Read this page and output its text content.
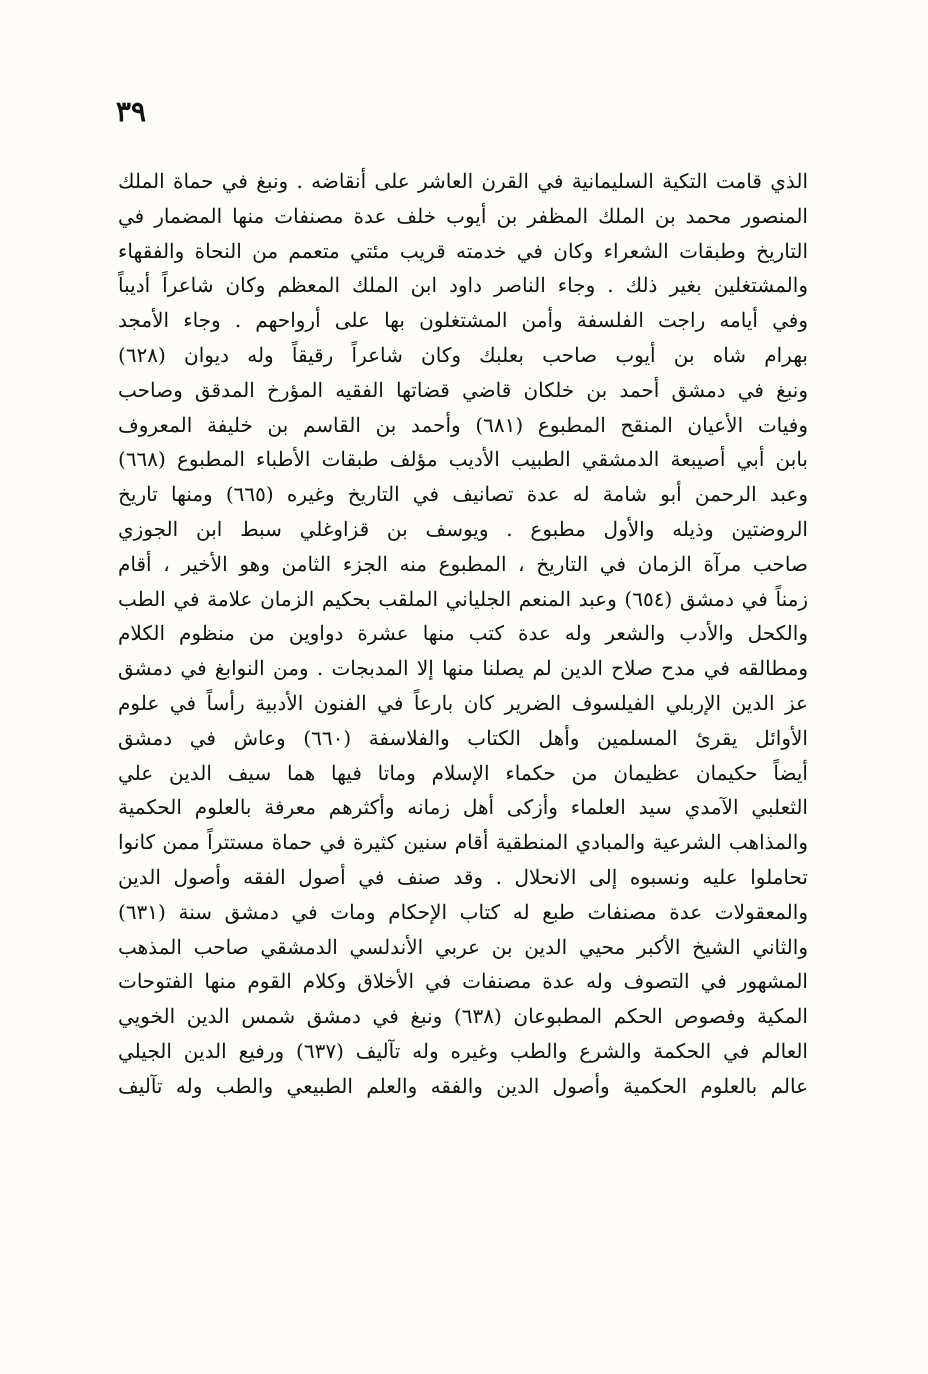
٣٩
الذي قامت التكية السليمانية في القرن العاشر على أنقاضه . ونبغ في حماة الملك
المنصور محمد بن الملك المظفر بن أيوب خلف عدة مصنفات منها المضمار في
التاريخ وطبقات الشعراء وكان في خدمته قريب مئتي متعمم من النحاة والفقهاء
والمشتغلين بغير ذلك . وجاء الناصر داود ابن الملك المعظم وكان شاعراً أديباً
وفي أيامه راجت الفلسفة وأمن المشتغلون بها على أرواحهم . وجاء الأمجد
بهرام شاه بن أيوب صاحب بعلبك وكان شاعراً رقيقاً وله ديوان (٦٢٨)
ونبغ في دمشق أحمد بن خلكان قاضي قضاتها الفقيه المؤرخ المدقق وصاحب
وفيات الأعيان المنقح المطبوع (٦٨١) وأحمد بن القاسم بن خليفة المعروف
بابن أبي أصيبعة الدمشقي الطبيب الأديب مؤلف طبقات الأطباء المطبوع (٦٦٨)
وعبد الرحمن أبو شامة له عدة تصانيف في التاريخ وغيره (٦٦٥) ومنها تاريخ
الروضتين وذيله والأول مطبوع . ويوسف بن قزاوغلي سبط ابن الجوزي
صاحب مرآة الزمان في التاريخ ، المطبوع منه الجزء الثامن وهو الأخير ، أقام
زمناً في دمشق (٦٥٤) وعبد المنعم الجلياني الملقب بحكيم الزمان علامة في الطب
والكحل والأدب والشعر وله عدة كتب منها عشرة دواوين من منظوم الكلام
ومطالقه في مدح صلاح الدين لم يصلنا منها إلا المدبجات . ومن النوابغ في دمشق
عز الدين الإربلي الفيلسوف الضرير كان بارعاً في الفنون الأدبية رأساً في علوم
الأوائل يقرئ المسلمين وأهل الكتاب والفلاسفة (٦٦٠) وعاش في دمشق
أيضاً حكيمان عظيمان من حكماء الإسلام وماتا فيها هما سيف الدين علي
الثعلبي الآمدي سيد العلماء وأزكى أهل زمانه وأكثرهم معرفة بالعلوم الحكمية
والمذاهب الشرعية والمبادي المنطقية أقام سنين كثيرة في حماة مستتراً ممن كانوا
تحاملوا عليه ونسبوه إلى الانحلال . وقد صنف في أصول الفقه وأصول الدين
والمعقولات عدة مصنفات طبع له كتاب الإحكام ومات في دمشق سنة (٦٣١)
والثاني الشيخ الأكبر محيي الدين بن عربي الأندلسي الدمشقي صاحب المذهب
المشهور في التصوف وله عدة مصنفات في الأخلاق وكلام القوم منها الفتوحات
المكية وفصوص الحكم المطبوعان (٦٣٨) ونبغ في دمشق شمس الدين الخويي
العالم في الحكمة والشرع والطب وغيره وله تآليف (٦٣٧) ورفيع الدين الجيلي
عالم بالعلوم الحكمية وأصول الدين والفقه والعلم الطبيعي والطب وله تآليف
